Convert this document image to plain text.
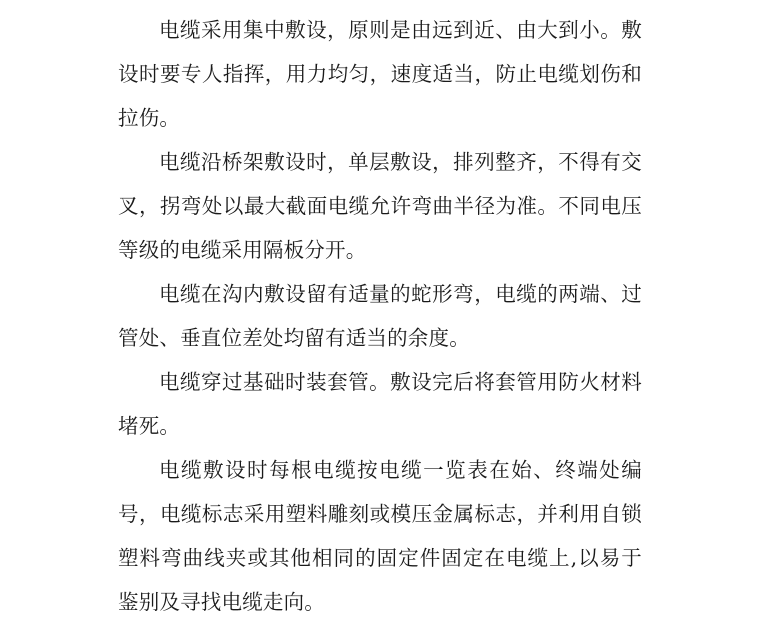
电缆采用集中敷设，原则是由远到近、由大到小。敷设时要专人指挥，用力均匀，速度适当，防止电缆划伤和拉伤。

电缆沿桥架敷设时，单层敷设，排列整齐，不得有交叉，拐弯处以最大截面电缆允许弯曲半径为准。不同电压等级的电缆采用隔板分开。

电缆在沟内敷设留有适量的蛇形弯，电缆的两端、过管处、垂直位差处均留有适当的余度。

电缆穿过基础时装套管。敷设完后将套管用防火材料堵死。

电缆敷设时每根电缆按电缆一览表在始、终端处编号，电缆标志采用塑料雕刻或模压金属标志，并利用自锁塑料弯曲线夹或其他相同的固定件固定在电缆上,以易于鉴别及寻找电缆走向。
